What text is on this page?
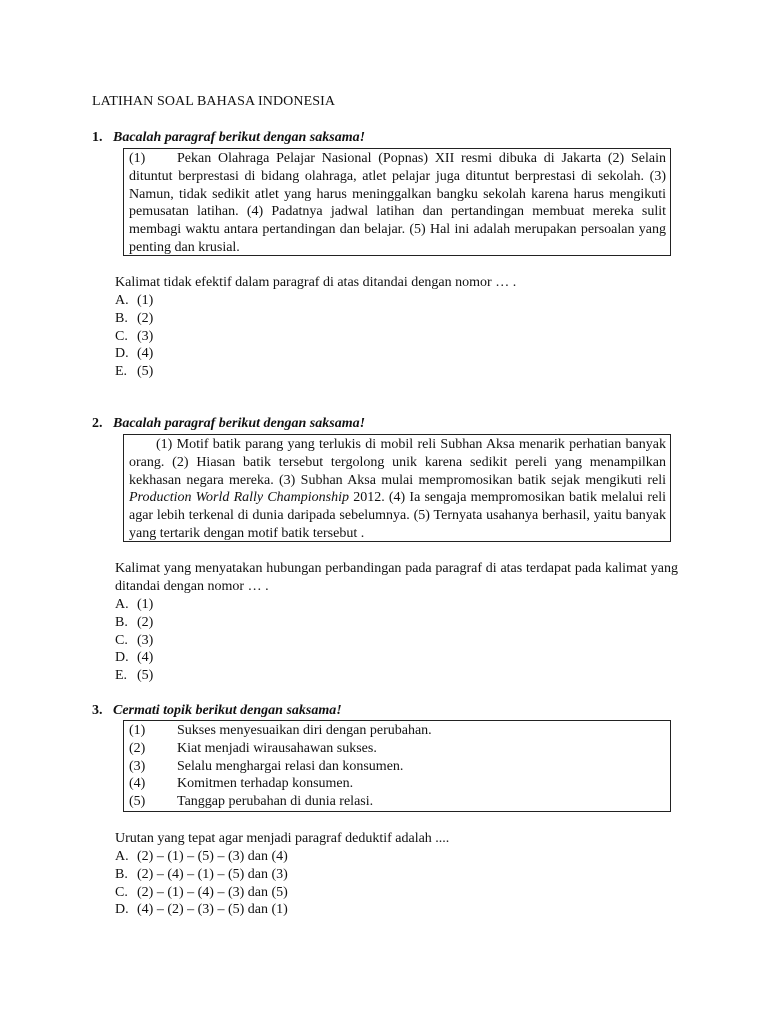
LATIHAN SOAL BAHASA INDONESIA
1. Bacalah paragraf berikut dengan saksama!
(1) Pekan Olahraga Pelajar Nasional (Popnas) XII resmi dibuka di Jakarta (2) Selain dituntut berprestasi di bidang olahraga, atlet pelajar juga dituntut berprestasi di sekolah. (3) Namun, tidak sedikit atlet yang harus meninggalkan bangku sekolah karena harus mengikuti pemusatan latihan. (4) Padatnya jadwal latihan dan pertandingan membuat mereka sulit membagi waktu antara pertandingan dan belajar. (5) Hal ini adalah merupakan persoalan yang penting dan krusial.
Kalimat tidak efektif dalam paragraf di atas ditandai dengan nomor … .
A. (1)
B. (2)
C. (3)
D. (4)
E. (5)
2. Bacalah paragraf berikut dengan saksama!
(1) Motif batik parang yang terlukis di mobil reli Subhan Aksa menarik perhatian banyak orang. (2) Hiasan batik tersebut tergolong unik karena sedikit pereli yang menampilkan kekhasan negara mereka. (3) Subhan Aksa mulai mempromosikan batik sejak mengikuti reli Production World Rally Championship 2012. (4) Ia sengaja mempromosikan batik melalui reli agar lebih terkenal di dunia daripada sebelumnya. (5) Ternyata usahanya berhasil, yaitu banyak yang tertarik dengan motif batik tersebut .
Kalimat yang menyatakan hubungan perbandingan pada paragraf di atas terdapat pada kalimat yang ditandai dengan nomor … .
A. (1)
B. (2)
C. (3)
D. (4)
E. (5)
3. Cermati topik berikut dengan saksama!
(1)	Sukses menyesuaikan diri dengan perubahan.
(2)	Kiat menjadi wirausahawan sukses.
(3)	Selalu menghargai relasi dan konsumen.
(4)	Komitmen terhadap konsumen.
(5)	Tanggap perubahan di dunia relasi.
Urutan yang tepat agar menjadi paragraf deduktif adalah ....
A. (2) – (1) – (5) – (3) dan (4)
B. (2) – (4) – (1) – (5) dan (3)
C. (2) – (1) – (4) – (3) dan (5)
D. (4) – (2) – (3) – (5) dan (1)
